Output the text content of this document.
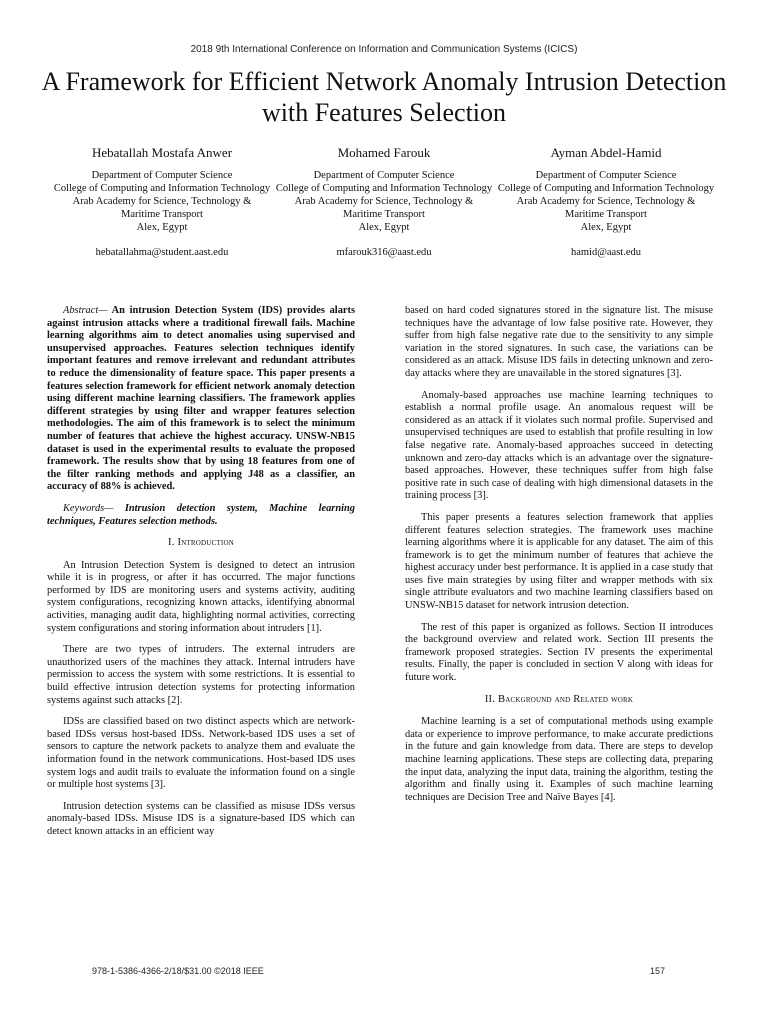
2018 9th International Conference on Information and Communication Systems (ICICS)
A Framework for Efficient Network Anomaly Intrusion Detection with Features Selection
Hebatallah Mostafa Anwer
Department of Computer Science
College of Computing and Information Technology
Arab Academy for Science, Technology & Maritime Transport
Alex, Egypt
hebatallahma@student.aast.edu
Mohamed Farouk
Department of Computer Science
College of Computing and Information Technology
Arab Academy for Science, Technology & Maritime Transport
Alex, Egypt
mfarouk316@aast.edu
Ayman Abdel-Hamid
Department of Computer Science
College of Computing and Information Technology
Arab Academy for Science, Technology & Maritime Transport
Alex, Egypt
hamid@aast.edu

Abstract— An intrusion Detection System (IDS) provides alarts against intrusion attacks where a traditional firewall fails. Machine learning algorithms aim to detect anomalies using supervised and unsupervised approaches. Features selection techniques identify important features and remove irrelevant and redundant attributes to reduce the dimensionality of feature space. This paper presents a features selection framework for efficient network anomaly detection using different machine learning classifiers. The framework applies different strategies by using filter and wrapper features selection methodologies. The aim of this framework is to select the minimum number of features that achieve the highest accuracy. UNSW-NB15 dataset is used in the experimental results to evaluate the proposed framework. The results show that by using 18 features from one of the filter ranking methods and applying J48 as a classifier, an accuracy of 88% is achieved.

Keywords— Intrusion detection system, Machine learning techniques, Features selection methods.

I. Introduction

An Intrusion Detection System is designed to detect an intrusion while it is in progress, or after it has occurred. The major functions performed by IDS are monitoring users and systems activity, auditing system configurations, recognizing known attacks, identifying abnormal activities, managing audit data, highlighting normal activities, correcting system configurations and storing information about intruders [1].

There are two types of intruders. The external intruders are unauthorized users of the machines they attack. Internal intruders have permission to access the system with some restrictions. It is essential to build effective intrusion detection systems for protecting information systems against such attacks [2].

IDSs are classified based on two distinct aspects which are network-based IDSs versus host-based IDSs. Network-based IDS uses a set of sensors to capture the network packets to analyze them and evaluate the information found in the network communications. Host-based IDS uses system logs and audit trails to evaluate the information found on a single or multiple host systems [3].

Intrusion detection systems can be classified as misuse IDSs versus anomaly-based IDSs. Misuse IDS is a signature-based IDS which can detect known attacks in an efficient way

based on hard coded signatures stored in the signature list. The misuse techniques have the advantage of low false positive rate. However, they suffer from high false negative rate due to the sensitivity to any simple variation in the stored signatures. In such case, the variations can be considered as an attack. Misuse IDS fails in detecting unknown and zero-day attacks where they are unavailable in the stored signatures [3].

Anomaly-based approaches use machine learning techniques to establish a normal profile usage. An anomalous request will be considered as an attack if it violates such normal profile. Supervised and unsupervised techniques are used to establish that profile resulting in low false negative rate. Anomaly-based approaches succeed in detecting unknown and zero-day attacks which is an advantage over the signature-based approaches. However, these techniques suffer from high false positive rate in such case of dealing with high dimensional datasets in the training process [3].

This paper presents a features selection framework that applies different features selection strategies. The framework uses machine learning algorithms where it is applicable for any dataset. The aim of this framework is to get the minimum number of features that achieve the highest accuracy under best performance. It is applied in a case study that uses five main strategies by using filter and wrapper methods with six single attribute evaluators and two machine learning classifiers based on UNSW-NB15 dataset for network intrusion detection.

The rest of this paper is organized as follows. Section II introduces the background overview and related work. Section III presents the framework proposed strategies. Section IV presents the experimental results. Finally, the paper is concluded in section V along with ideas for future work.

II. Background and Related work

Machine learning is a set of computational methods using example data or experience to improve performance, to make accurate predictions in the future and gain knowledge from data. There are steps to develop machine learning applications. These steps are collecting data, preparing the input data, analyzing the input data, training the algorithm, testing the algorithm and finally using it. Examples of such machine learning techniques are Decision Tree and Naïve Bayes [4].

978-1-5386-4366-2/18/$31.00 ©2018 IEEE	157
